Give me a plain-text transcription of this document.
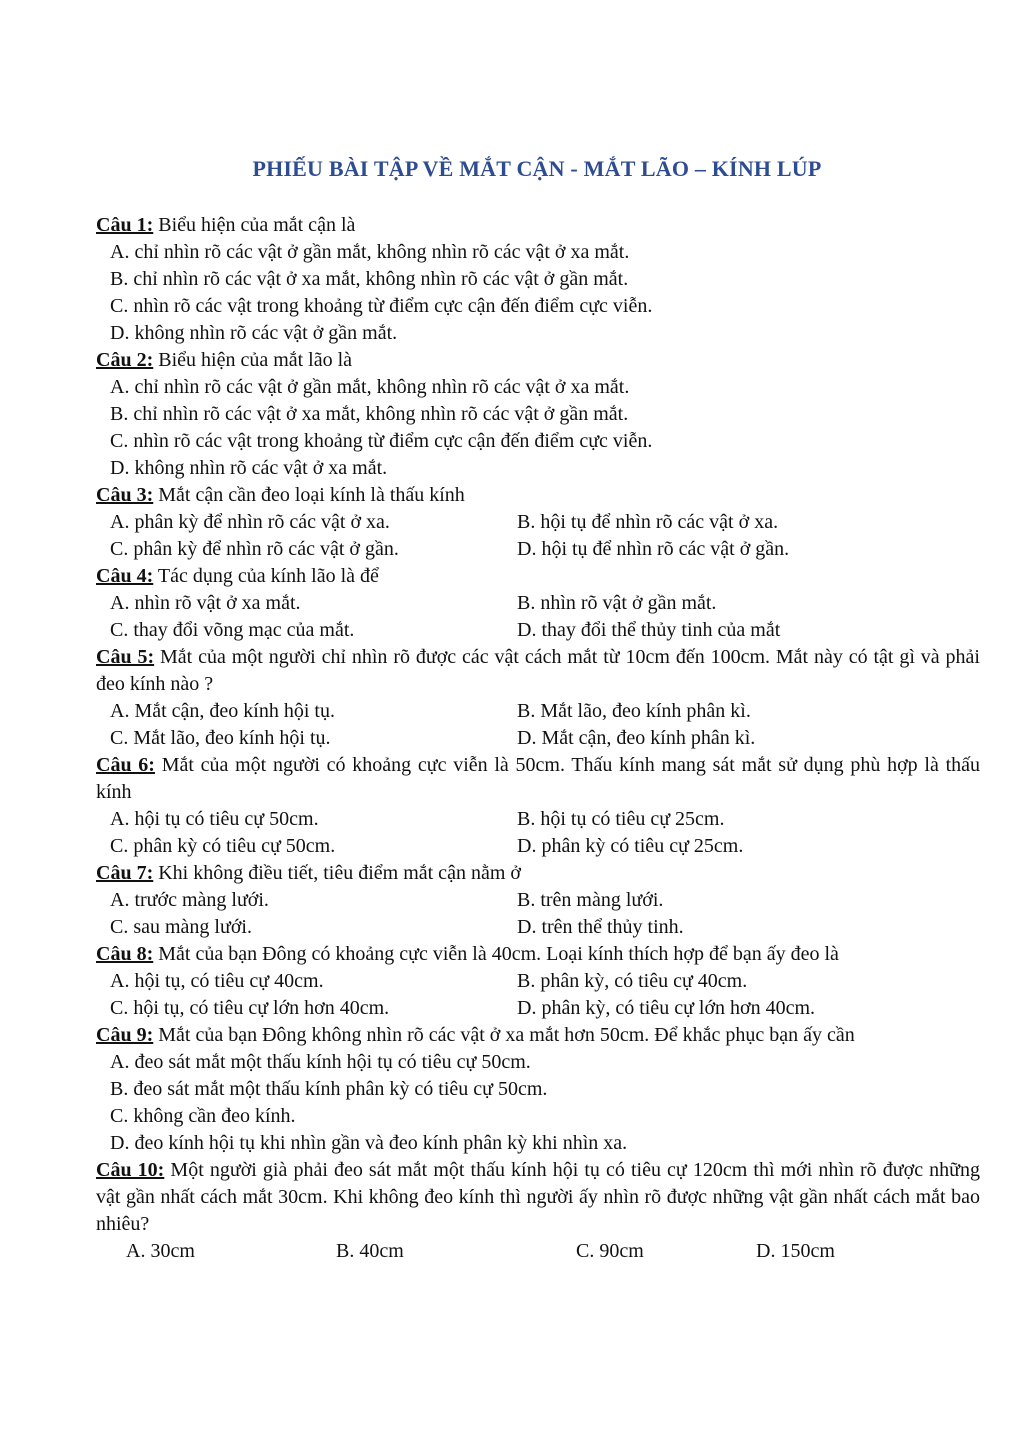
PHIẾU BÀI TẬP VỀ MẮT CẬN - MẮT LÃO – KÍNH LÚP
Câu 1: Biểu hiện của mắt cận là
A. chỉ nhìn rõ các vật ở gần mắt, không nhìn rõ các vật ở xa mắt.
B. chỉ nhìn rõ các vật ở xa mắt, không nhìn rõ các vật ở gần mắt.
C. nhìn rõ các vật trong khoảng từ điểm cực cận đến điểm cực viễn.
D. không nhìn rõ các vật ở gần mắt.
Câu 2: Biểu hiện của mắt lão là
A. chỉ nhìn rõ các vật ở gần mắt, không nhìn rõ các vật ở xa mắt.
B. chỉ nhìn rõ các vật ở xa mắt, không nhìn rõ các vật ở gần mắt.
C. nhìn rõ các vật trong khoảng từ điểm cực cận đến điểm cực viễn.
D. không nhìn rõ các vật ở xa mắt.
Câu 3: Mắt cận cần đeo loại kính là thấu kính
A. phân kỳ để nhìn rõ các vật ở xa.	B. hội tụ để nhìn rõ các vật ở xa.
C. phân kỳ để nhìn rõ các vật ở gần.	D. hội tụ để nhìn rõ các vật ở gần.
Câu 4: Tác dụng của kính lão là để
A. nhìn rõ vật ở xa mắt.	B. nhìn rõ vật ở gần mắt.
C. thay đổi võng mạc của mắt.	D. thay đổi thể thủy tinh của mắt
Câu 5: Mắt của một người chỉ nhìn rõ được các vật cách mắt từ 10cm đến 100cm. Mắt này có tật gì và phải đeo kính nào ?
A. Mắt cận, đeo kính hội tụ.	B. Mắt lão, đeo kính phân kì.
C. Mắt lão, đeo kính hội tụ.	D. Mắt cận, đeo kính phân kì.
Câu 6: Mắt của một người có khoảng cực viễn là 50cm. Thấu kính mang sát mắt sử dụng phù hợp là thấu kính
A. hội tụ có tiêu cự 50cm.	B. hội tụ có tiêu cự 25cm.
C. phân kỳ có tiêu cự 50cm.	D. phân kỳ có tiêu cự 25cm.
Câu 7: Khi không điều tiết, tiêu điểm mắt cận nằm ở
A. trước màng lưới.	B. trên màng lưới.
C. sau màng lưới.	D. trên thể thủy tinh.
Câu 8: Mắt của bạn Đông có khoảng cực viễn là 40cm. Loại kính thích hợp để bạn ấy đeo là
A. hội tụ, có tiêu cự 40cm.	B. phân kỳ, có tiêu cự 40cm.
C. hội tụ, có tiêu cự lớn hơn 40cm.	D. phân kỳ, có tiêu cự lớn hơn 40cm.
Câu 9: Mắt của bạn Đông không nhìn rõ các vật ở xa mắt hơn 50cm. Để khắc phục bạn ấy cần
A. đeo sát mắt một thấu kính hội tụ có tiêu cự 50cm.
B. đeo sát mắt một thấu kính phân kỳ có tiêu cự 50cm.
C. không cần đeo kính.
D. đeo kính hội tụ khi nhìn gần và đeo kính phân kỳ khi nhìn xa.
Câu 10: Một người già phải đeo sát mắt một thấu kính hội tụ có tiêu cự 120cm thì mới nhìn rõ được những vật gần nhất cách mắt 30cm. Khi không đeo kính thì người ấy nhìn rõ được những vật gần nhất cách mắt bao nhiêu?
A. 30cm	B. 40cm	C. 90cm	D. 150cm
